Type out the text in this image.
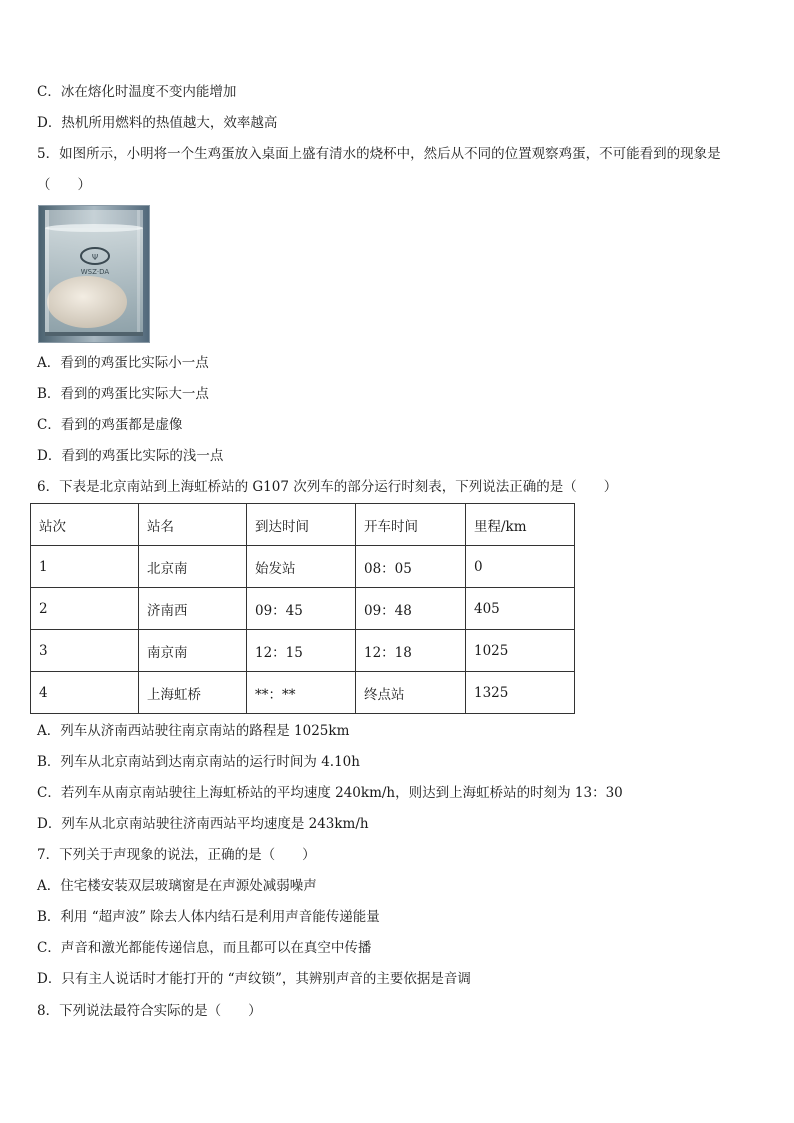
C．冰在熔化时温度不变内能增加
D．热机所用燃料的热值越大，效率越高
5．如图所示，小明将一个生鸡蛋放入桌面上盛有清水的烧杯中，然后从不同的位置观察鸡蛋，不可能看到的现象是
（　　）
Ψ
WSZ·DA
A．看到的鸡蛋比实际小一点
B．看到的鸡蛋比实际大一点
C．看到的鸡蛋都是虚像
D．看到的鸡蛋比实际的浅一点
6．下表是北京南站到上海虹桥站的 G107 次列车的部分运行时刻表，下列说法正确的是（　　）
站次	站名	到达时间	开车时间	里程/km
1	北京南	始发站	08：05	0
2	济南西	09：45	09：48	405
3	南京南	12：15	12：18	1025
4	上海虹桥	**：**	终点站	1325
A．列车从济南西站驶往南京南站的路程是 1025km
B．列车从北京南站到达南京南站的运行时间为 4.10h
C．若列车从南京南站驶往上海虹桥站的平均速度 240km/h，则达到上海虹桥站的时刻为 13：30
D．列车从北京南站驶往济南西站平均速度是 243km/h
7．下列关于声现象的说法，正确的是（　　）
A．住宅楼安装双层玻璃窗是在声源处减弱噪声
B．利用 “超声波” 除去人体内结石是利用声音能传递能量
C．声音和激光都能传递信息，而且都可以在真空中传播
D．只有主人说话时才能打开的 “声纹锁”，其辨别声音的主要依据是音调
8．下列说法最符合实际的是（　　）
